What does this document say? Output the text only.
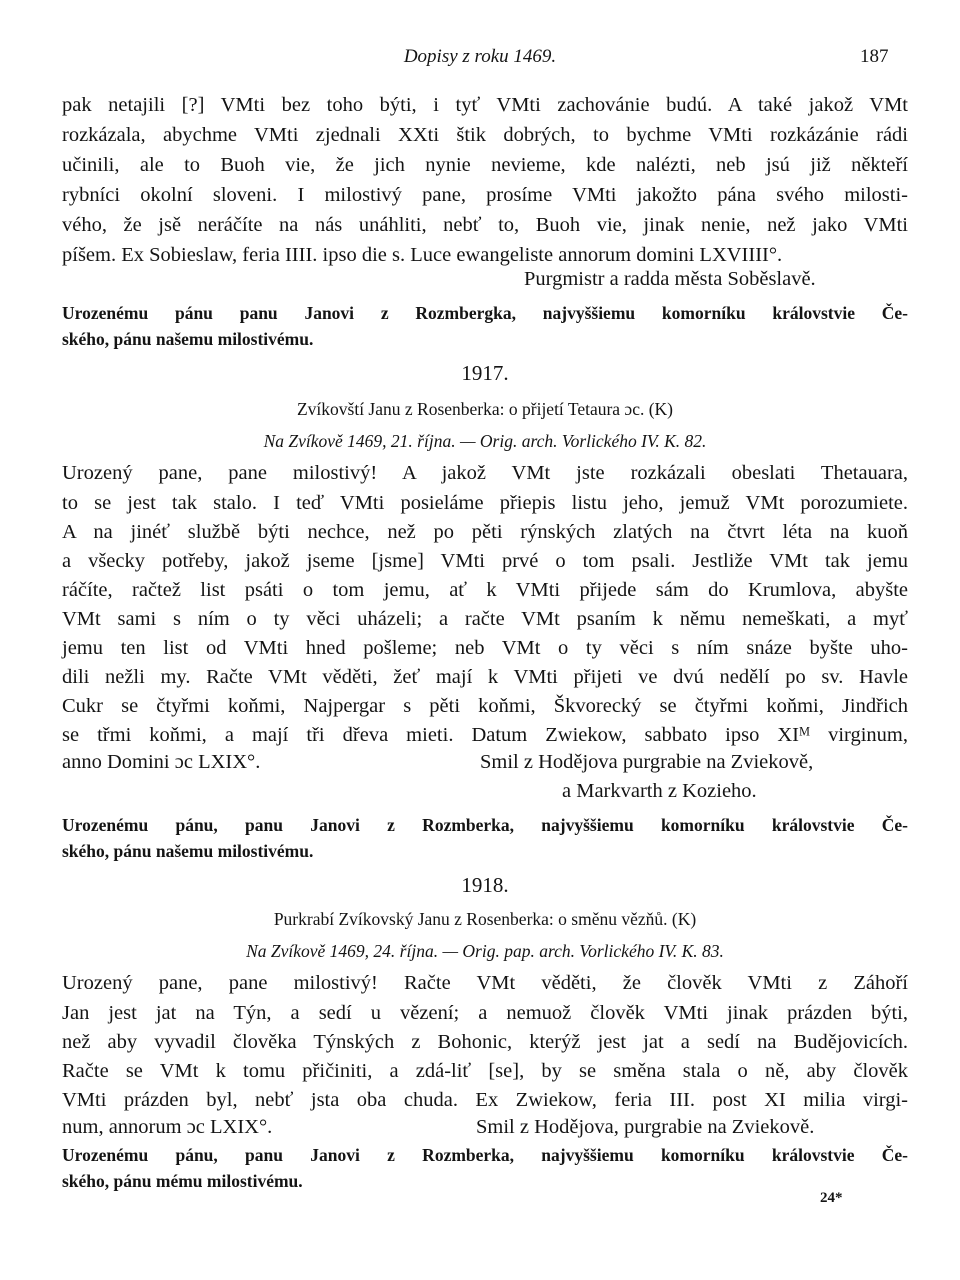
Dopisy z roku 1469.	187
pak netajili [?] VMti bez toho býti, i tyť VMti zachovánie budú. A také jakož VMt
rozkázala, abychme VMti zjednali XXti štik dobrých, to bychme VMti rozkázánie rádi
učinili, ale to Buoh vie, že jich nynie nevieme, kde nalézti, neb jsú již někteří
rybníci okolní sloveni. I milostivý pane, prosíme VMti jakožto pána svého milosti-
vého, že jsě neráčíte na nás unáhliti, nebť to, Buoh vie, jinak nenie, než jako VMti
píšem. Ex Sobieslaw, feria IIII. ipso die s. Luce ewangeliste annorum domini LXVIIII°.
Purgmistr a radda města Soběslavě.
Urozenému pánu panu Janovi z Rozmbergka, najvyššiemu komorníku královstvie Če-
ského, pánu našemu milostivému.
1917.
Zvíkovští Janu z Rosenberka: o přijetí Tetaura ɔc. (K)
Na Zvíkově 1469, 21. října. — Orig. arch. Vorlického IV. K. 82.
Urozený pane, pane milostivý! A jakož VMt jste rozkázali obeslati Thetauara,
to se jest tak stalo. I teď VMti posieláme přiepis listu jeho, jemuž VMt porozumiete.
A na jinéť službě býti nechce, než po pěti rýnských zlatých na čtvrt léta na kuoň
a všecky potřeby, jakož jseme [jsme] VMti prvé o tom psali. Jestliže VMt tak jemu
ráčíte, račtež list psáti o tom jemu, ať k VMti přijede sám do Krumlova, abyšte
VMt sami s ním o ty věci uházeli; a račte VMt psaním k němu nemeškati, a myť
jemu ten list od VMti hned pošleme; neb VMt o ty věci s ním snáze byšte uho-
dili nežli my. Račte VMt věděti, žeť mají k VMti přijeti ve dvú nedělí po sv. Havle
Cukr se čtyřmi koňmi, Najpergar s pěti koňmi, Škvorecký se čtyřmi koňmi, Jindřich
se třmi koňmi, a mají tři dřeva mieti. Datum Zwiekow, sabbato ipso XIᴹ virginum,
anno Domini ɔc LXIX°.	Smil z Hodějova purgrabie na Zviekově,
a Markvarth z Kozieho.
Urozenému pánu, panu Janovi z Rozmberka, najvyššiemu komorníku královstvie Če-
ského, pánu našemu milostivému.
1918.
Purkrabí Zvíkovský Janu z Rosenberka: o směnu vězňů. (K)
Na Zvíkově 1469, 24. října. — Orig. pap. arch. Vorlického IV. K. 83.
Urozený pane, pane milostivý! Račte VMt věděti, že člověk VMti z Záhoří
Jan jest jat na Týn, a sedí u vězení; a nemuož člověk VMti jinak prázden býti,
než aby vyvadil člověka Týnských z Bohonic, kterýž jest jat a sedí na Budějovicích.
Račte se VMt k tomu přičiniti, a zdá-liť [se], by se směna stala o ně, aby člověk
VMti prázden byl, nebť jsta oba chuda. Ex Zwiekow, feria III. post XI milia virgi-
num, annorum ɔc LXIX°.	Smil z Hodějova, purgrabie na Zviekově.
Urozenému pánu, panu Janovi z Rozmberka, najvyššiemu komorníku královstvie Če-
ského, pánu mému milostivému.
24*
